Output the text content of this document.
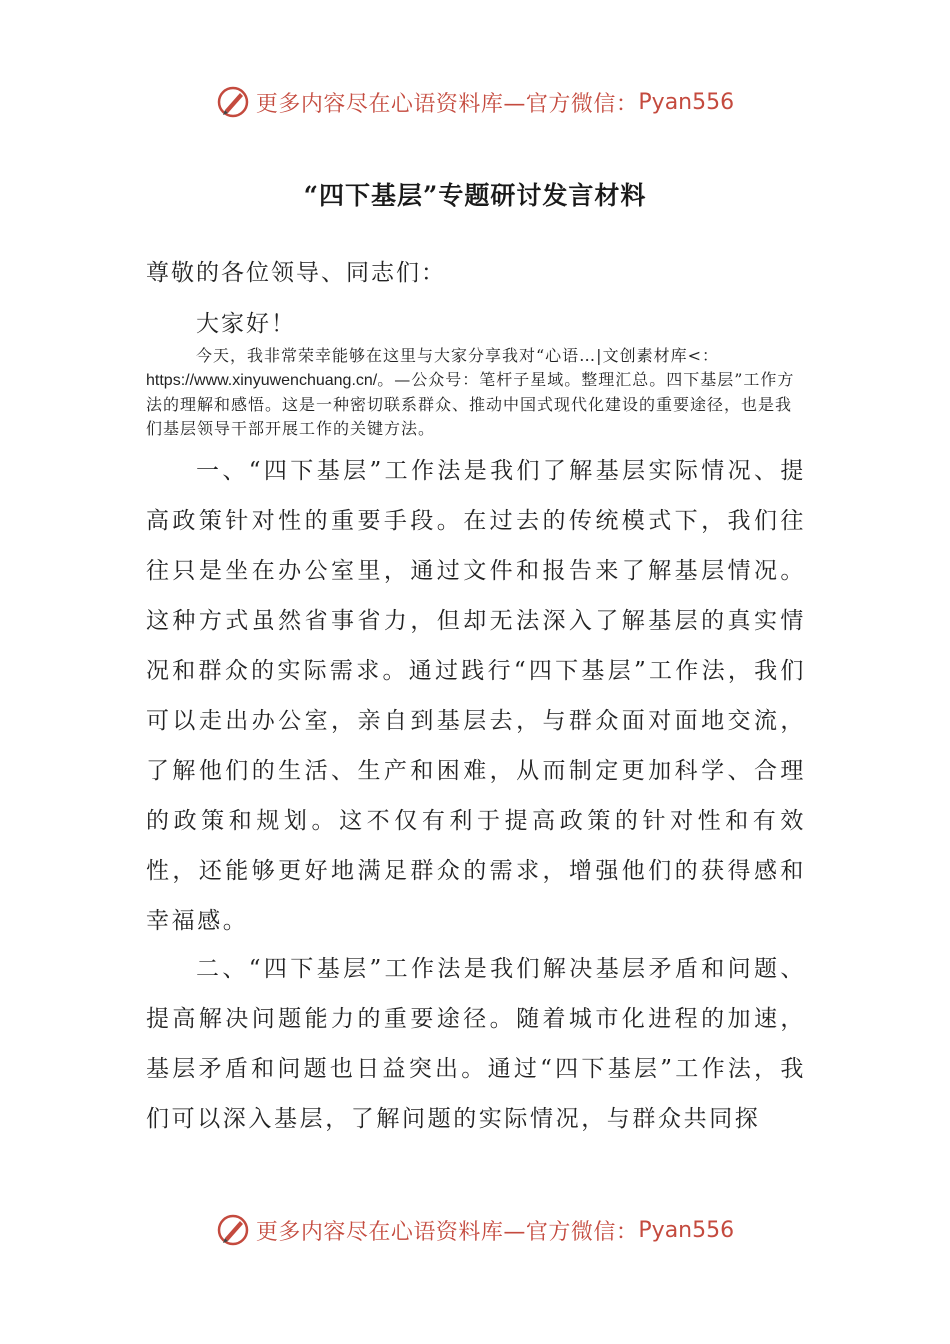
更多内容尽在心语资料库—官方微信： Pyan556
“四下基层”专题研讨发言材料
尊敬的各位领导、同志们：
大家好！
今天，我非常荣幸能够在这里与大家分享我对“心语…|文创素材库<：https://www.xinyuwenchuang.cn/。—公众号：笔杆子星域。整理汇总。四下基层”工作方法的理解和感悟。这是一种密切联系群众、推动中国式现代化建设的重要途径，也是我们基层领导干部开展工作的关键方法。
一、“四下基层”工作法是我们了解基层实际情况、提高政策针对性的重要手段。在过去的传统模式下，我们往往只是坐在办公室里，通过文件和报告来了解基层情况。这种方式虽然省事省力，但却无法深入了解基层的真实情况和群众的实际需求。通过践行“四下基层”工作法，我们可以走出办公室，亲自到基层去，与群众面对面地交流，了解他们的生活、生产和困难，从而制定更加科学、合理的政策和规划。这不仅有利于提高政策的针对性和有效性，还能够更好地满足群众的需求，增强他们的获得感和幸福感。
二、“四下基层”工作法是我们解决基层矛盾和问题、提高解决问题能力的重要途径。随着城市化进程的加速，基层矛盾和问题也日益突出。通过“四下基层”工作法，我们可以深入基层，了解问题的实际情况，与群众共同探
更多内容尽在心语资料库—官方微信： Pyan556
